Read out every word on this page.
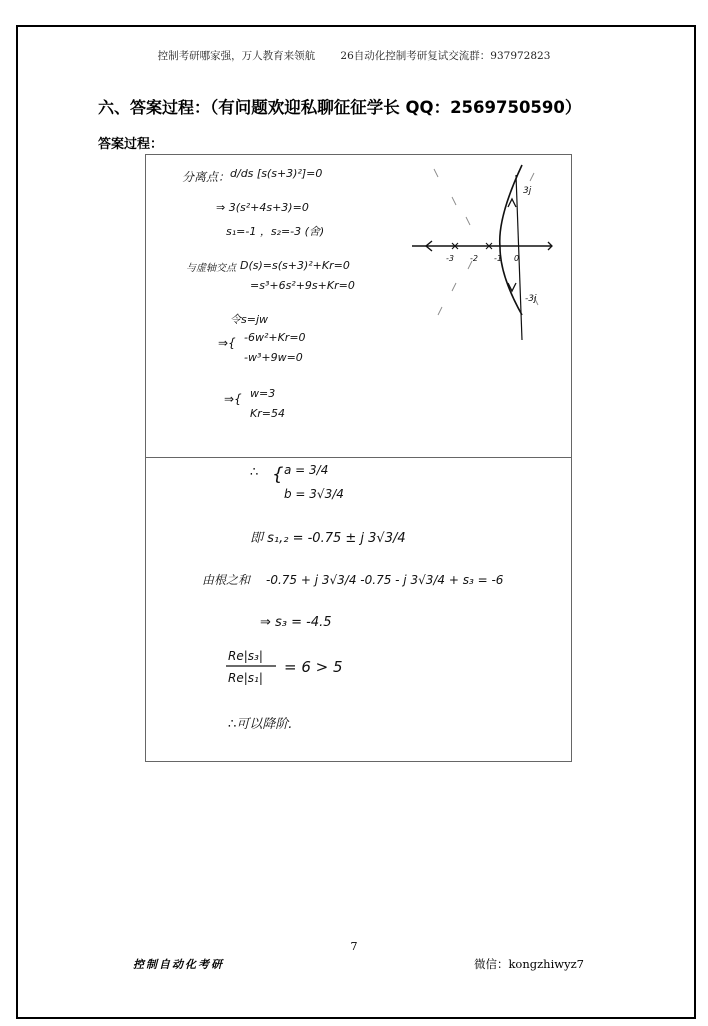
控制考研哪家强，万人教育来领航 26自动化控制考研复试交流群：937972823
六、答案过程：（有问题欢迎私聊征征学长 QQ：2569750590）
答案过程：
分离点： d/ds [s(s+3)²]=0
⇒ 3(s²+4s+3)=0
s₁=-1 ，s₂=-3 (舍)
与虚轴交点 D(s)=s(s+3)²+Kr=0
=s³+6s²+9s+Kr=0
令s=jw
⇒{ -6w²+Kr=0
-w³+9w=0
⇒{ w=3
Kr=54
3j
-3j
-3 -2 -1 0
∴ { a = 3/4
b = 3√3/4
即 s₁,₂ = -0.75 ± j 3√3/4
由根之和 -0.75 + j 3√3/4 -0.75 - j 3√3/4 + s₃ = -6
⇒ s₃ = -4.5
Re|s₃|
Re|s₁|
= 6 > 5
∴可以降阶.
7
控制自动化考研	微信：kongzhiwyz7
